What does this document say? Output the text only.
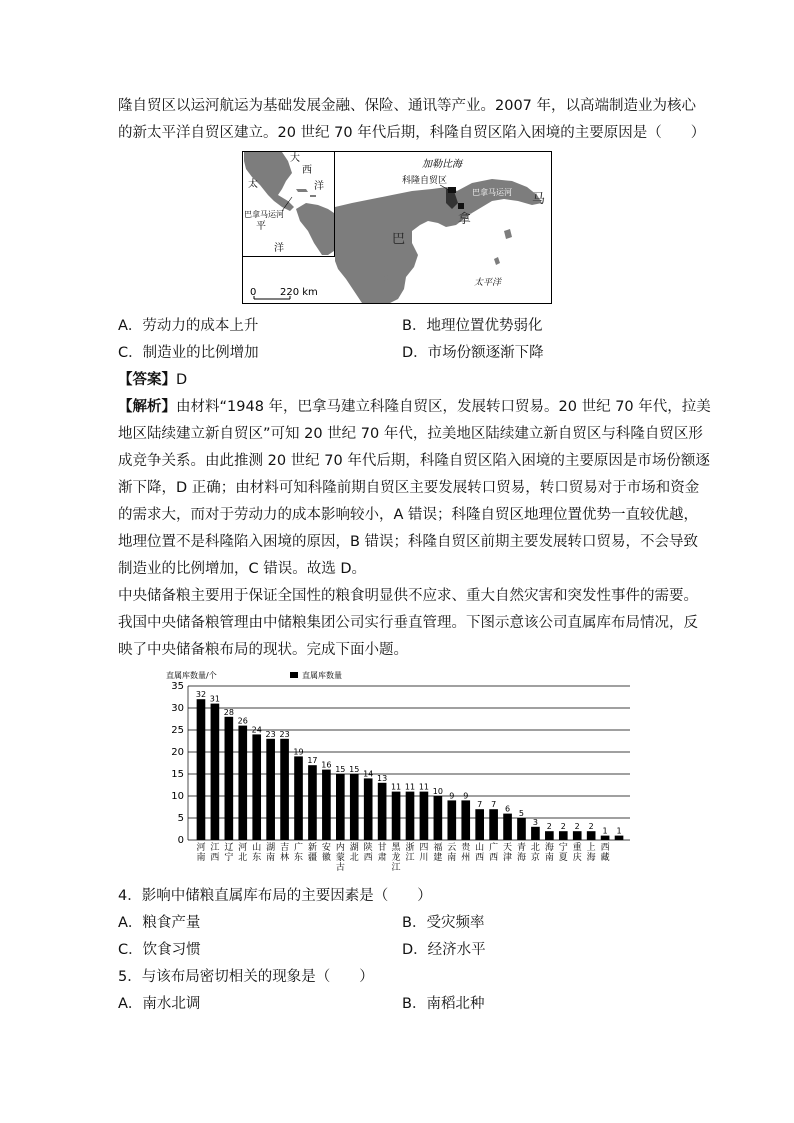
隆自贸区以运河航运为基础发展金融、保险、通讯等产业。2007 年，以高端制造业为核心
的新太平洋自贸区建立。20 世纪 70 年代后期，科隆自贸区陷入困境的主要原因是（　　）
太
大
西
洋
巴拿马运河
平
洋
加勒比海
科隆自贸区
巴拿马运河
巴
拿
马
新太平洋
自贸区
太平洋
0 220 km
A．劳动力的成本上升	B．地理位置优势弱化
C．制造业的比例增加	D．市场份额逐渐下降
【答案】D
【解析】由材料“1948 年，巴拿马建立科隆自贸区，发展转口贸易。20 世纪 70 年代，拉美
地区陆续建立新自贸区”可知 20 世纪 70 年代，拉美地区陆续建立新自贸区与科隆自贸区形
成竞争关系。由此推测 20 世纪 70 年代后期，科隆自贸区陷入困境的主要原因是市场份额逐
渐下降，D 正确；由材料可知科隆前期自贸区主要发展转口贸易，转口贸易对于市场和资金
的需求大，而对于劳动力的成本影响较小，A 错误；科隆自贸区地理位置优势一直较优越，
地理位置不是科隆陷入困境的原因，B 错误；科隆自贸区前期主要发展转口贸易，不会导致
制造业的比例增加，C 错误。故选 D。
中央储备粮主要用于保证全国性的粮食明显供不应求、重大自然灾害和突发性事件的需要。
我国中央储备粮管理由中储粮集团公司实行垂直管理。下图示意该公司直属库布局情况，反
映了中央储备粮布局的现状。完成下面小题。
直属库数量/个	直属库数量
0
5
10
15
20
25
30
35
32
河
南
31
江
西
28
辽
宁
26
河
北
24
山
东
23
湖
南
23
吉
林
19
广
东
17
新
疆
16
安
徽
15
内
蒙
古
15
湖
北
14
陕
西
13
甘
肃
11
黑
龙
江
11
浙
江
11
四
川
10
福
建
9
云
南
9
贵
州
7
山
西
7
广
西
6
天
津
5
青
海
3
北
京
2
海
南
2
宁
夏
2
重
庆
2
上
海
1
西
藏
1
4．影响中储粮直属库布局的主要因素是（　　）
A．粮食产量	B．受灾频率
C．饮食习惯	D．经济水平
5．与该布局密切相关的现象是（　　）
A．南水北调	B．南稻北种
